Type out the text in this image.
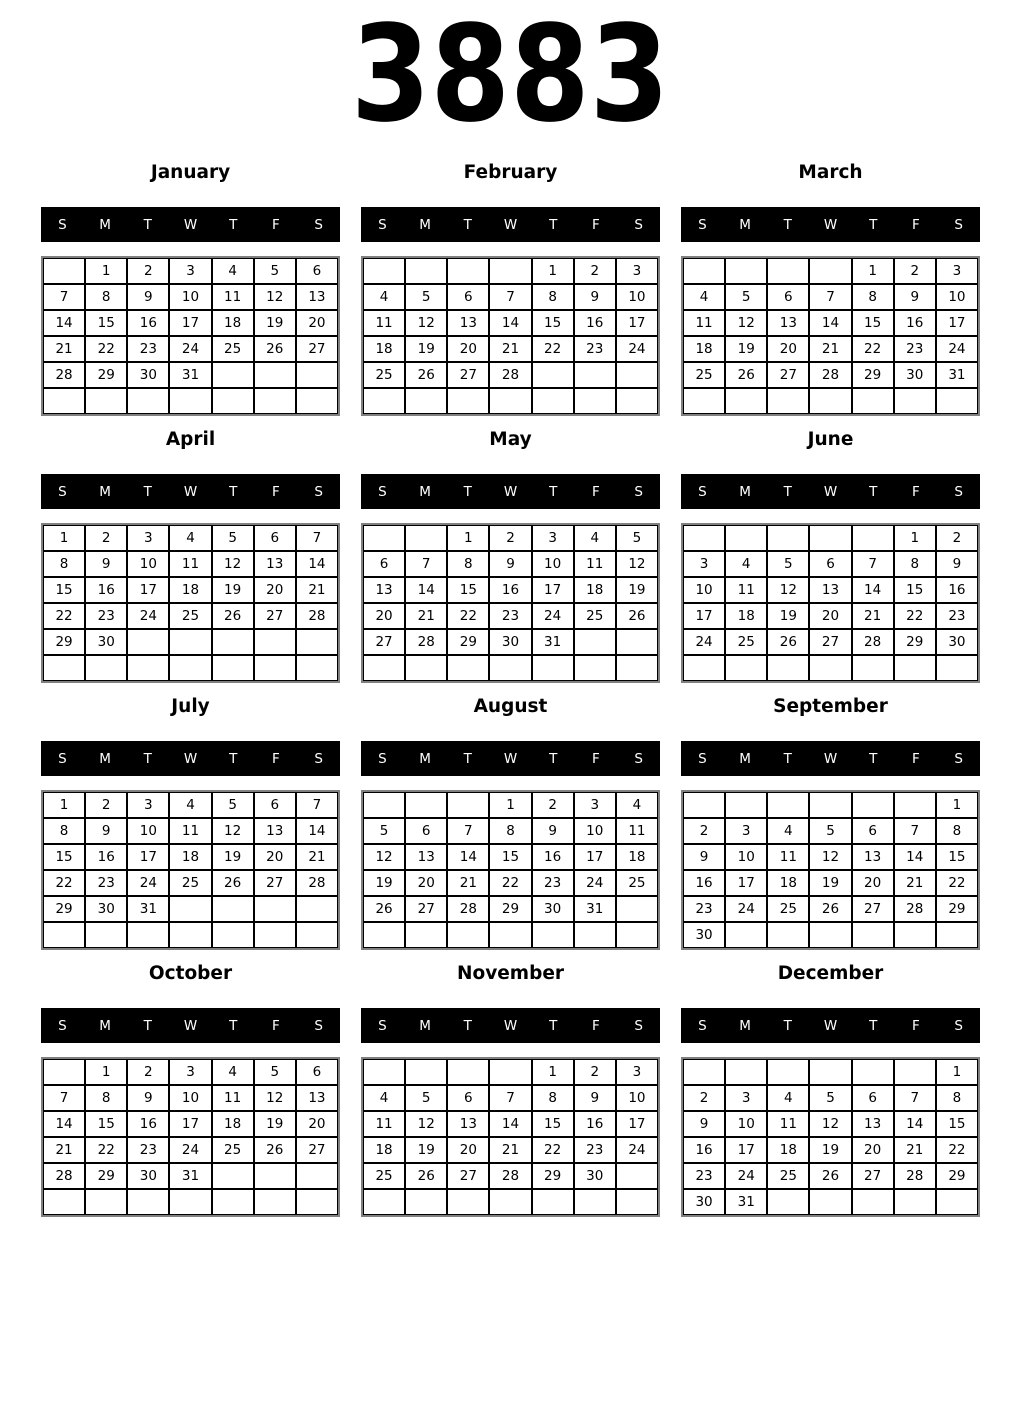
3883
January
S	M	T	W	T	F	S
	1	2	3	4	5	6
7	8	9	10	11	12	13
14	15	16	17	18	19	20
21	22	23	24	25	26	27
28	29	30	31			

February
S	M	T	W	T	F	S
				1	2	3
4	5	6	7	8	9	10
11	12	13	14	15	16	17
18	19	20	21	22	23	24
25	26	27	28			

March
S	M	T	W	T	F	S
				1	2	3
4	5	6	7	8	9	10
11	12	13	14	15	16	17
18	19	20	21	22	23	24
25	26	27	28	29	30	31

April
S	M	T	W	T	F	S
1	2	3	4	5	6	7
8	9	10	11	12	13	14
15	16	17	18	19	20	21
22	23	24	25	26	27	28
29	30					

May
S	M	T	W	T	F	S
		1	2	3	4	5
6	7	8	9	10	11	12
13	14	15	16	17	18	19
20	21	22	23	24	25	26
27	28	29	30	31		

June
S	M	T	W	T	F	S
					1	2
3	4	5	6	7	8	9
10	11	12	13	14	15	16
17	18	19	20	21	22	23
24	25	26	27	28	29	30

July
S	M	T	W	T	F	S
1	2	3	4	5	6	7
8	9	10	11	12	13	14
15	16	17	18	19	20	21
22	23	24	25	26	27	28
29	30	31				

August
S	M	T	W	T	F	S
			1	2	3	4
5	6	7	8	9	10	11
12	13	14	15	16	17	18
19	20	21	22	23	24	25
26	27	28	29	30	31	

September
S	M	T	W	T	F	S
						1
2	3	4	5	6	7	8
9	10	11	12	13	14	15
16	17	18	19	20	21	22
23	24	25	26	27	28	29
30						
October
S	M	T	W	T	F	S
	1	2	3	4	5	6
7	8	9	10	11	12	13
14	15	16	17	18	19	20
21	22	23	24	25	26	27
28	29	30	31			

November
S	M	T	W	T	F	S
				1	2	3
4	5	6	7	8	9	10
11	12	13	14	15	16	17
18	19	20	21	22	23	24
25	26	27	28	29	30	

December
S	M	T	W	T	F	S
						1
2	3	4	5	6	7	8
9	10	11	12	13	14	15
16	17	18	19	20	21	22
23	24	25	26	27	28	29
30	31					
